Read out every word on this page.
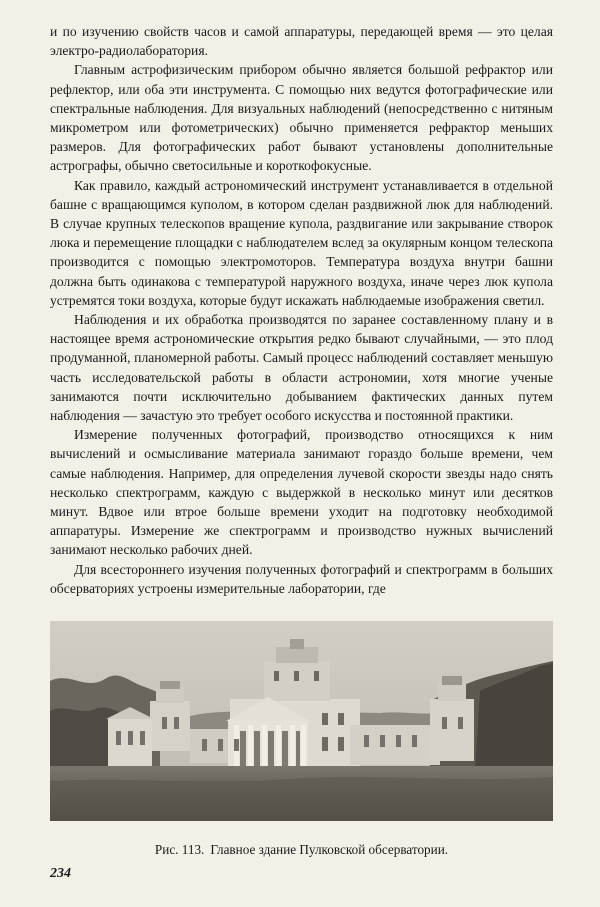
и по изучению свойств часов и самой аппаратуры, передающей время — это целая электро-радиолаборатория.

Главным астрофизическим прибором обычно является большой рефрактор или рефлектор, или оба эти инструмента. С помощью них ведутся фотографические или спектральные наблюдения. Для визуальных наблюдений (непосредственно с нитяным микрометром или фотометрических) обычно применяется рефрактор меньших размеров. Для фотографических работ бывают установлены дополнительные астрографы, обычно светосильные и короткофокусные.

Как правило, каждый астрономический инструмент устанавливается в отдельной башне с вращающимся куполом, в котором сделан раздвижной люк для наблюдений. В случае крупных телескопов вращение купола, раздвигание или закрывание створок люка и перемещение площадки с наблюдателем вслед за окулярным концом телескопа производится с помощью электромоторов. Температура воздуха внутри башни должна быть одинакова с температурой наружного воздуха, иначе через люк купола устремятся токи воздуха, которые будут искажать наблюдаемые изображения светил.

Наблюдения и их обработка производятся по заранее составленному плану и в настоящее время астрономические открытия редко бывают случайными, — это плод продуманной, планомерной работы. Самый процесс наблюдений составляет меньшую часть исследовательской работы в области астрономии, хотя многие ученые занимаются почти исключительно добыванием фактических данных путем наблюдения — зачастую это требует особого искусства и постоянной практики.

Измерение полученных фотографий, производство относящихся к ним вычислений и осмысливание материала занимают гораздо больше времени, чем самые наблюдения. Например, для определения лучевой скорости звезды надо снять несколько спектрограмм, каждую с выдержкой в несколько минут или десятков минут. Вдвое или втрое больше времени уходит на подготовку необходимой аппаратуры. Измерение же спектрограмм и производство нужных вычислений занимают несколько рабочих дней.

Для всестороннего изучения полученных фотографий и спектрограмм в больших обсерваториях устроены измерительные лаборатории, где

Рис. 113. Главное здание Пулковской обсерватории.
234
